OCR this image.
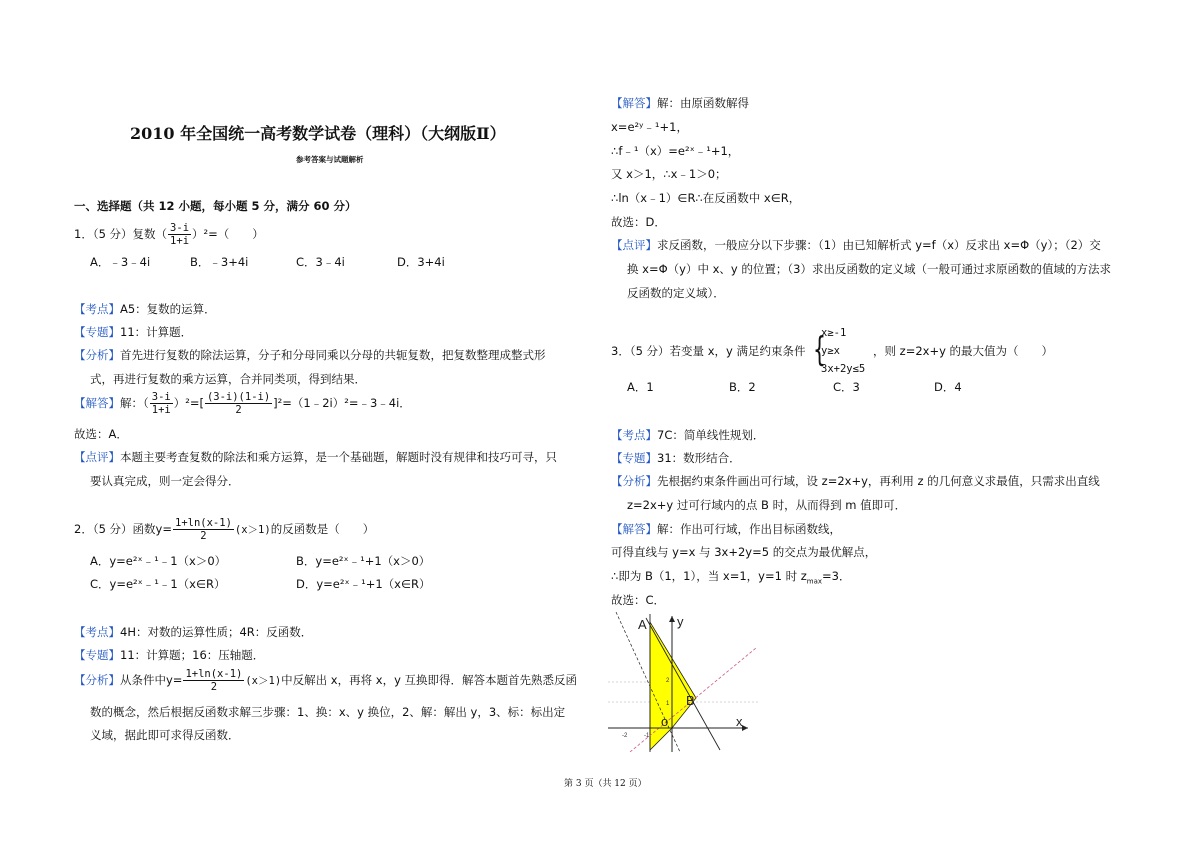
2010 年全国统一高考数学试卷（理科）（大纲版Ⅱ）
参考答案与试题解析
一、选择题（共 12 小题，每小题 5 分，满分 60 分）
1．（5 分）复数（ $\frac{3-i}{1+i} )^2=$（　　）
A．﹣3﹣4i	B．﹣3+4i	C．3﹣4i	D．3+4i
【考点】A5：复数的运算．
【专题】11：计算题．
【分析】首先进行复数的除法运算，分子和分母同乘以分母的共轭复数，把复数整理成整式形
式，再进行复数的乘方运算，合并同类项，得到结果．
【解答】解：（ $\frac{3-i}{1+i} )^2=[ \frac{(3-i)(1-i)}{2}$ ]²=（1﹣2i）²=﹣3﹣4i．
故选：A．
【点评】本题主要考查复数的除法和乘方运算，是一个基础题，解题时没有规律和技巧可寻，只
要认真完成，则一定会得分．
2．（5 分）函数$y= \frac{1+\ln(x-1)}{2} (x>1)$的反函数是（　　）
A．y=e²ˣ﹣¹﹣1（x＞0）	B．y=e²ˣ﹣¹+1（x＞0）
C．y=e²ˣ﹣¹﹣1（x∈R）	D．y=e²ˣ﹣¹+1（x∈R）
【考点】4H：对数的运算性质；4R：反函数．
【专题】11：计算题；16：压轴题．
【分析】从条件中$y= \frac{1+\ln(x-1)}{2} (x>1)$中反解出 x，再将 x，y 互换即得．解答本题首先熟悉反函
数的概念，然后根据反函数求解三步骤：1、换：x、y 换位，2、解：解出 y，3、标：标出定
义域，据此即可求得反函数．
【解答】解：由原函数解得
x=e²ʸ﹣¹+1，
∴f﹣¹（x）=e²ˣ﹣¹+1，
又 x＞1，∴x﹣1＞0；
∴ln（x﹣1）∈R∴在反函数中 x∈R，
故选：D．
【点评】求反函数，一般应分以下步骤：（1）由已知解析式 y=f（x）反求出 x=Φ（y）；（2）交
换 x=Φ（y）中 x、y 的位置；（3）求出反函数的定义域（一般可通过求原函数的值域的方法求
反函数的定义域）．
3．（5 分）若变量 x，y 满足约束条件 {
x≥-1
y≥x
3x+2y≤5
，则 z=2x+y 的最大值为（　　）
A．1	B．2	C．3	D．4
【考点】7C：简单线性规划．
【专题】31：数形结合．
【分析】先根据约束条件画出可行域，设 z=2x+y，再利用 z 的几何意义求最值，只需求出直线
z=2x+y 过可行域内的点 B 时，从而得到 m 值即可．
【解答】解：作出可行域，作出目标函数线，
可得直线与 y=x 与 3x+2y=5 的交点为最优解点，
∴即为 B（1，1），当 x=1，y=1 时 $z_{max}=3$．
故选：C．
A
B
o	x
y
1
2
-1
-2
第 3 页（共 12 页）
